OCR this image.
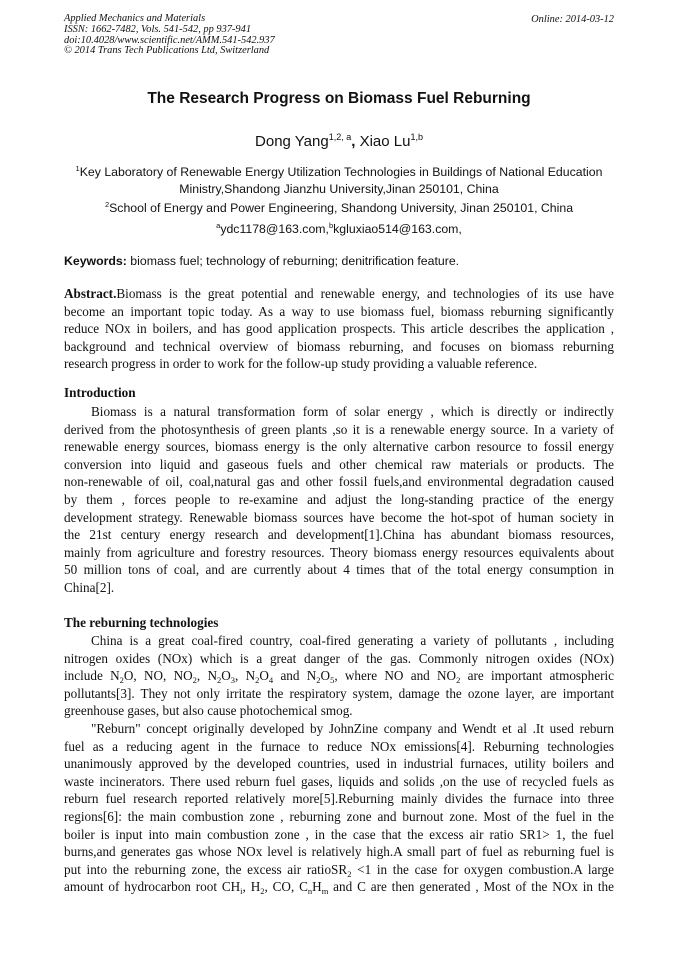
Applied Mechanics and Materials
ISSN: 1662-7482, Vols. 541-542, pp 937-941
doi:10.4028/www.scientific.net/AMM.541-542.937
© 2014 Trans Tech Publications Ltd, Switzerland
Online: 2014-03-12
The Research Progress on Biomass Fuel Reburning
Dong Yang$^{1,2, a}$, Xiao Lu$^{1,b}$
$^1$Key Laboratory of Renewable Energy Utilization Technologies in Buildings of National Education
Ministry,Shandong Jianzhu University,Jinan 250101, China
$^2$School of Energy and Power Engineering, Shandong University, Jinan 250101, China
$^a$ydc1178@163.com,$^b$kgluxiao514@163.com,
Keywords: biomass fuel; technology of reburning; denitrification feature.
Abstract.Biomass is the great potential and renewable energy, and technologies of its use have
become an important topic today. As a way to use biomass fuel, biomass reburning significantly
reduce NOx in boilers, and has good application prospects. This article describes the application ,
background and technical overview of biomass reburning, and focuses on biomass reburning
research progress in order to work for the follow-up study providing a valuable reference.
Introduction
Biomass is a natural transformation form of solar energy , which is directly or indirectly
derived from the photosynthesis of green plants ,so it is a renewable energy source. In a variety of
renewable energy sources, biomass energy is the only alternative carbon resource to fossil energy
conversion into liquid and gaseous fuels and other chemical raw materials or products. The
non-renewable of oil, coal,natural gas and other fossil fuels,and environmental degradation caused
by them , forces people to re-examine and adjust the long-standing practice of the energy
development strategy. Renewable biomass sources have become the hot-spot of human society in
the 21st century energy research and development[1].China has abundant biomass resources,
mainly from agriculture and forestry resources. Theory biomass energy resources equivalents about
50 million tons of coal, and are currently about 4 times that of the total energy consumption in
China[2].
The reburning technologies
China is a great coal-fired country, coal-fired generating a variety of pollutants , including
nitrogen oxides (NOx) which is a great danger of the gas. Commonly nitrogen oxides (NOx)
include $N_2O$, NO, $NO_2$, $N_2O_3$, $N_2O_4$ and $N_2O_5$, where NO and $NO_2$ are important atmospheric
pollutants[3]. They not only irritate the respiratory system, damage the ozone layer, are important
greenhouse gases, but also cause photochemical smog.
"Reburn" concept originally developed by JohnZine company and Wendt et al .It used reburn
fuel as a reducing agent in the furnace to reduce NOx emissions[4]. Reburning technologies
unanimously approved by the developed countries, used in industrial furnaces, utility boilers and
waste incinerators. There used reburn fuel gases, liquids and solids ,on the use of recycled fuels as
reburn fuel research reported relatively more[5].Reburning mainly divides the furnace into three
regions[6]: the main combustion zone , reburning zone and burnout zone. Most of the fuel in the
boiler is input into main combustion zone , in the case that the excess air ratio SR1> 1, the fuel
burns,and generates gas whose NOx level is relatively high.A small part of fuel as reburning fuel is
put into the reburning zone, the excess air ratioSR$_2$ <1 in the case for oxygen combustion.A large
amount of hydrocarbon root $CH_i$, $H_2$, CO, $C_nH_m$ and C are then generated , Most of the NOx in the
